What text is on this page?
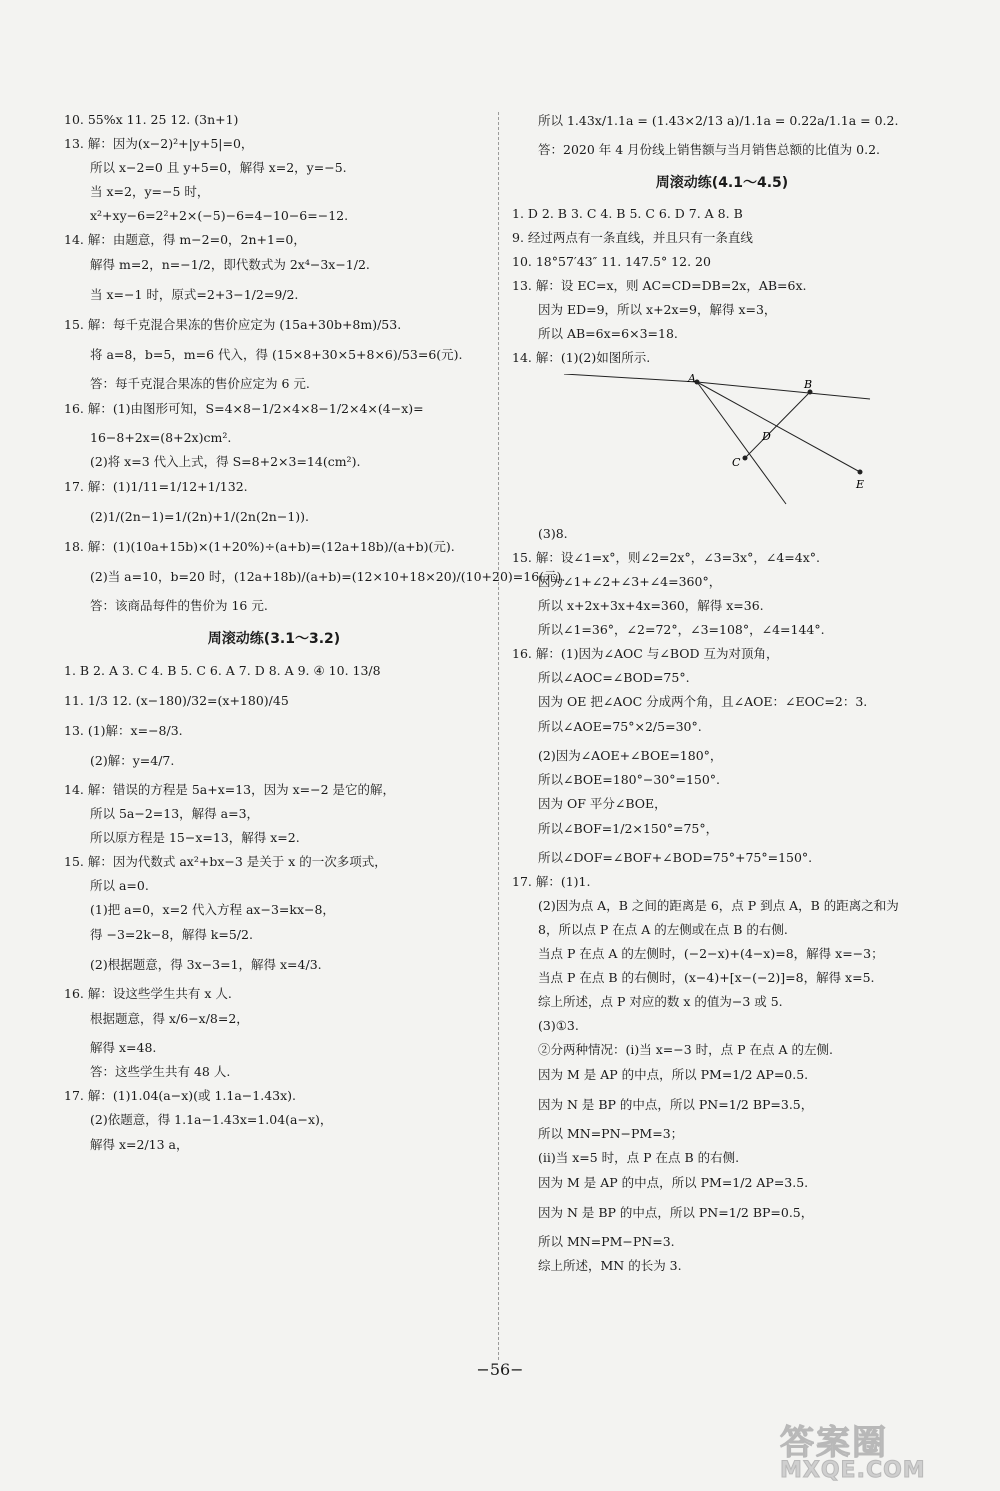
10. 55%x 11. 25 12. (3n+1)
13. 解：因为(x−2)²+|y+5|=0，
所以 x−2=0 且 y+5=0，解得 x=2，y=−5.
当 x=2，y=−5 时，
x²+xy−6=2²+2×(−5)−6=4−10−6=−12.
14. 解：由题意，得 m−2=0，2n+1=0，
解得 m=2，n=−1/2，即代数式为 2x⁴−3x−1/2.
当 x=−1 时，原式=2+3−1/2=9/2.
15. 解：每千克混合果冻的售价应定为 (15a+30b+8m)/53.
将 a=8，b=5，m=6 代入，得 (15×8+30×5+8×6)/53=6(元).
答：每千克混合果冻的售价应定为 6 元.
16. 解：(1)由图形可知，S=4×8−1/2×4×8−1/2×4×(4−x)=
16−8+2x=(8+2x)cm².
(2)将 x=3 代入上式，得 S=8+2×3=14(cm²).
17. 解：(1)1/11=1/12+1/132.
(2)1/(2n−1)=1/(2n)+1/(2n(2n−1)).
18. 解：(1)(10a+15b)×(1+20%)÷(a+b)=(12a+18b)/(a+b)(元).
(2)当 a=10，b=20 时，(12a+18b)/(a+b)=(12×10+18×20)/(10+20)=16(元).
答：该商品每件的售价为 16 元.
周滚动练(3.1～3.2)
1. B 2. A 3. C 4. B 5. C 6. A 7. D 8. A 9. ④ 10. 13/8
11. 1/3 12. (x−180)/32=(x+180)/45
13. (1)解：x=−8/3.
(2)解：y=4/7.
14. 解：错误的方程是 5a+x=13，因为 x=−2 是它的解，
所以 5a−2=13，解得 a=3，
所以原方程是 15−x=13，解得 x=2.
15. 解：因为代数式 ax²+bx−3 是关于 x 的一次多项式，
所以 a=0.
(1)把 a=0，x=2 代入方程 ax−3=kx−8，
得 −3=2k−8，解得 k=5/2.
(2)根据题意，得 3x−3=1，解得 x=4/3.
16. 解：设这些学生共有 x 人.
根据题意，得 x/6−x/8=2，
解得 x=48.
答：这些学生共有 48 人.
17. 解：(1)1.04(a−x)(或 1.1a−1.43x).
(2)依题意，得 1.1a−1.43x=1.04(a−x)，
解得 x=2/13 a，
所以 1.43x/1.1a = (1.43×2/13 a)/1.1a = 0.22a/1.1a = 0.2.
答：2020 年 4 月份线上销售额与当月销售总额的比值为 0.2.
周滚动练(4.1～4.5)
1. D 2. B 3. C 4. B 5. C 6. D 7. A 8. B
9. 经过两点有一条直线，并且只有一条直线
10. 18°57′43″ 11. 147.5° 12. 20
13. 解：设 EC=x，则 AC=CD=DB=2x，AB=6x.
因为 ED=9，所以 x+2x=9，解得 x=3，
所以 AB=6x=6×3=18.
14. 解：(1)(2)如图所示.
A	B
C
D
E
(3)8.
15. 解：设∠1=x°，则∠2=2x°，∠3=3x°，∠4=4x°.
因为∠1+∠2+∠3+∠4=360°，
所以 x+2x+3x+4x=360，解得 x=36.
所以∠1=36°，∠2=72°，∠3=108°，∠4=144°.
16. 解：(1)因为∠AOC 与∠BOD 互为对顶角，
所以∠AOC=∠BOD=75°.
因为 OE 把∠AOC 分成两个角，且∠AOE：∠EOC=2：3.
所以∠AOE=75°×2/5=30°.
(2)因为∠AOE+∠BOE=180°，
所以∠BOE=180°−30°=150°.
因为 OF 平分∠BOE，
所以∠BOF=1/2×150°=75°，
所以∠DOF=∠BOF+∠BOD=75°+75°=150°.
17. 解：(1)1.
(2)因为点 A，B 之间的距离是 6，点 P 到点 A，B 的距离之和为
8，所以点 P 在点 A 的左侧或在点 B 的右侧.
当点 P 在点 A 的左侧时，(−2−x)+(4−x)=8，解得 x=−3；
当点 P 在点 B 的右侧时，(x−4)+[x−(−2)]=8，解得 x=5.
综上所述，点 P 对应的数 x 的值为−3 或 5.
(3)①3.
②分两种情况：(ⅰ)当 x=−3 时，点 P 在点 A 的左侧.
因为 M 是 AP 的中点，所以 PM=1/2 AP=0.5.
因为 N 是 BP 的中点，所以 PN=1/2 BP=3.5，
所以 MN=PN−PM=3；
(ⅱ)当 x=5 时，点 P 在点 B 的右侧.
因为 M 是 AP 的中点，所以 PM=1/2 AP=3.5.
因为 N 是 BP 的中点，所以 PN=1/2 BP=0.5，
所以 MN=PM−PN=3.
综上所述，MN 的长为 3.
−56−
答案圈
MXQE.COM
